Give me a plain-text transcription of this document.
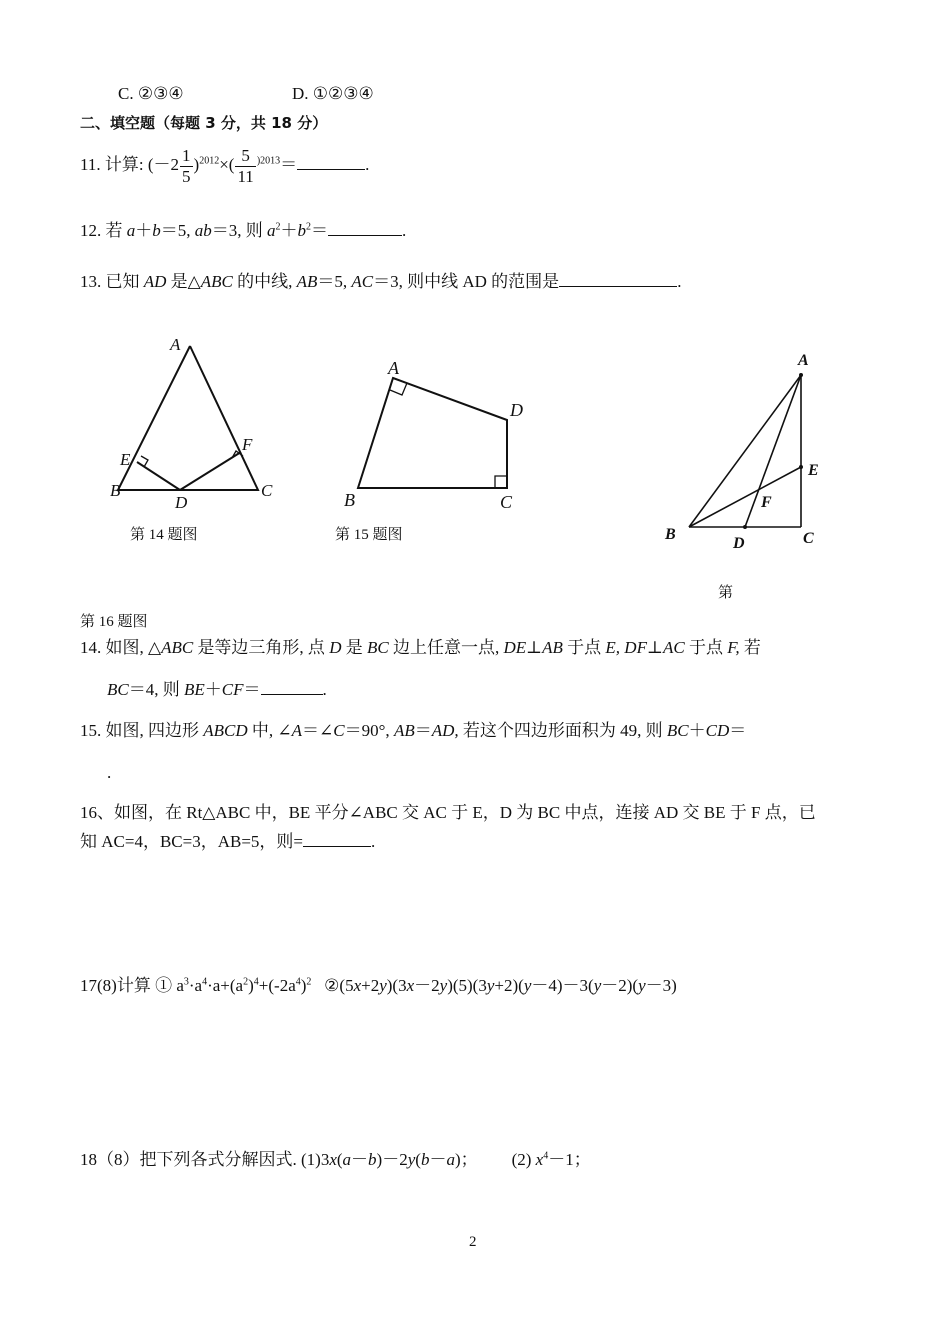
C. ②③④	D. ①②③④
二、填空题（每题 3 分，共 18 分）
11. 计算: $(-2 \frac{1}{5} )^{2012}\times( \frac{5}{11} ^{)2013}=$	.
12. 若 a＋b＝5, ab＝3, 则 $a^2+b^2=$	.
13. 已知 AD 是△ABC 的中线, AB＝5, AC＝3, 则中线 AD 的范围是	.
A
B	C
D
E
F
第 14 题图
A
B	C
D
第 15 题图
A
B	C
D
E
F
第
第 16 题图
14. 如图, △ABC 是等边三角形, 点 D 是 BC 边上任意一点, DE⊥AB 于点 E, DF⊥AC 于点 F, 若
BC＝4, 则 BE＋CF＝	.
15. 如图, 四边形 ABCD 中, ∠A＝∠C＝90°, AB＝AD, 若这个四边形面积为 49, 则 BC＋CD＝
.
16、如图，在 Rt△ABC 中，BE 平分∠ABC 交 AC 于 E，D 为 BC 中点，连接 AD 交 BE 于 F 点，已
知 AC=4，BC=3，AB=5，则=	.
17(8)计算 ① $a^3\cdot a^4\cdot a+(a^2)^4+(-2a^4)^2$   ②(5x+2y)(3x－2y)(5)(3y+2)(y－4)－3(y－2)(y－3)
18（8）把下列各式分解因式. (1)3x(a－b)－2y(b－a)；        (2) $x^4-1$；
2
